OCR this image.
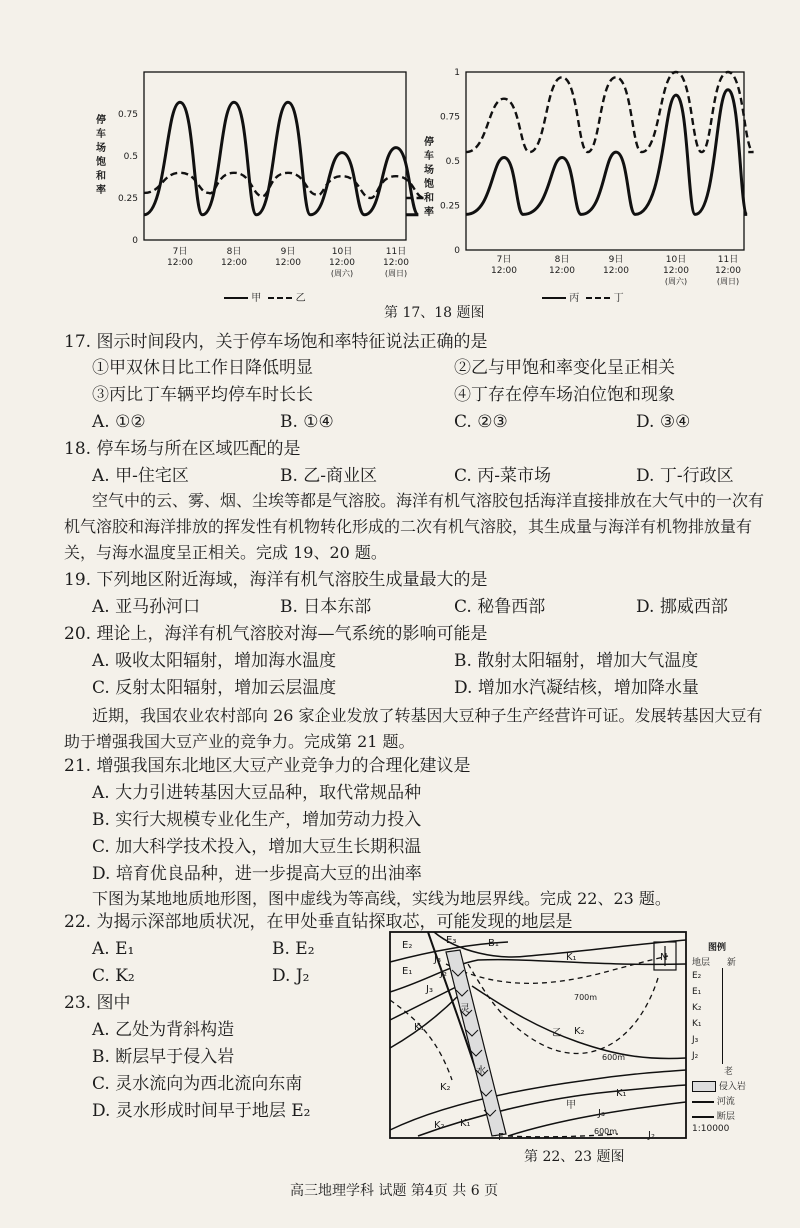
停车场饱和率
0
0.25
0.5
0.75
7日
12:00
8日
12:00
9日
12:00
10日
12:00
(周六)
11日
12:00
(周日)
甲	乙
停车场饱和率
0
0.25
0.5
0.75
1
7日
12:00
8日
12:00
9日
12:00
10日
12:00
(周六)
11日
12:00
(周日)
丙	丁
第 17、18 题图
17. 图示时间段内，关于停车场饱和率特征说法正确的是
①甲双休日比工作日降低明显	②乙与甲饱和率变化呈正相关
③丙比丁车辆平均停车时长长	④丁存在停车场泊位饱和现象
A. ①②	B. ①④	C. ②③	D. ③④
18. 停车场与所在区域匹配的是
A. 甲-住宅区	B. 乙-商业区	C. 丙-菜市场	D. 丁-行政区
空气中的云、雾、烟、尘埃等都是气溶胶。海洋有机气溶胶包括海洋直接排放在大气中的一次有机气溶胶和海洋排放的挥发性有机物转化形成的二次有机气溶胶，其生成量与海洋有机物排放量有关，与海水温度呈正相关。完成 19、20 题。
19. 下列地区附近海域，海洋有机气溶胶生成量最大的是
A. 亚马孙河口	B. 日本东部	C. 秘鲁西部	D. 挪威西部
20. 理论上，海洋有机气溶胶对海—气系统的影响可能是
A. 吸收太阳辐射，增加海水温度	B. 散射太阳辐射，增加大气温度
C. 反射太阳辐射，增加云层温度	D. 增加水汽凝结核，增加降水量
近期，我国农业农村部向 26 家企业发放了转基因大豆种子生产经营许可证。发展转基因大豆有助于增强我国大豆产业的竞争力。完成第 21 题。
21. 增强我国东北地区大豆产业竞争力的合理化建议是
A. 大力引进转基因大豆品种，取代常规品种
B. 实行大规模专业化生产，增加劳动力投入
C. 加大科学技术投入，增加大豆生长期积温
D. 培育优良品种，进一步提高大豆的出油率
下图为某地地质地形图，图中虚线为等高线，实线为地层界线。完成 22、23 题。
22. 为揭示深部地质状况，在甲处垂直钻探取芯，可能发现的地层是
A. E₁	B. E₂
C. K₂	D. J₂
23. 图中
A. 乙处为背斜构造
B. 断层早于侵入岩
C. 灵水流向为西北流向东南
D. 灵水形成时间早于地层 E₂
E₂	E₃	B₁
K₁
E₁
J₃
J₂
J₃
K₁
K₂
乙 K₂
K₂
甲
K₁
J₃
K₁
J₂
F
灵
水
700m
600m
600m
N
图例
地层 新
E₂
E₁
K₂
K₁
J₃
J₂
老
侵入岩
河流
断层
1:10000
第 22、23 题图
高三地理学科 试题 第4页 共 6 页
